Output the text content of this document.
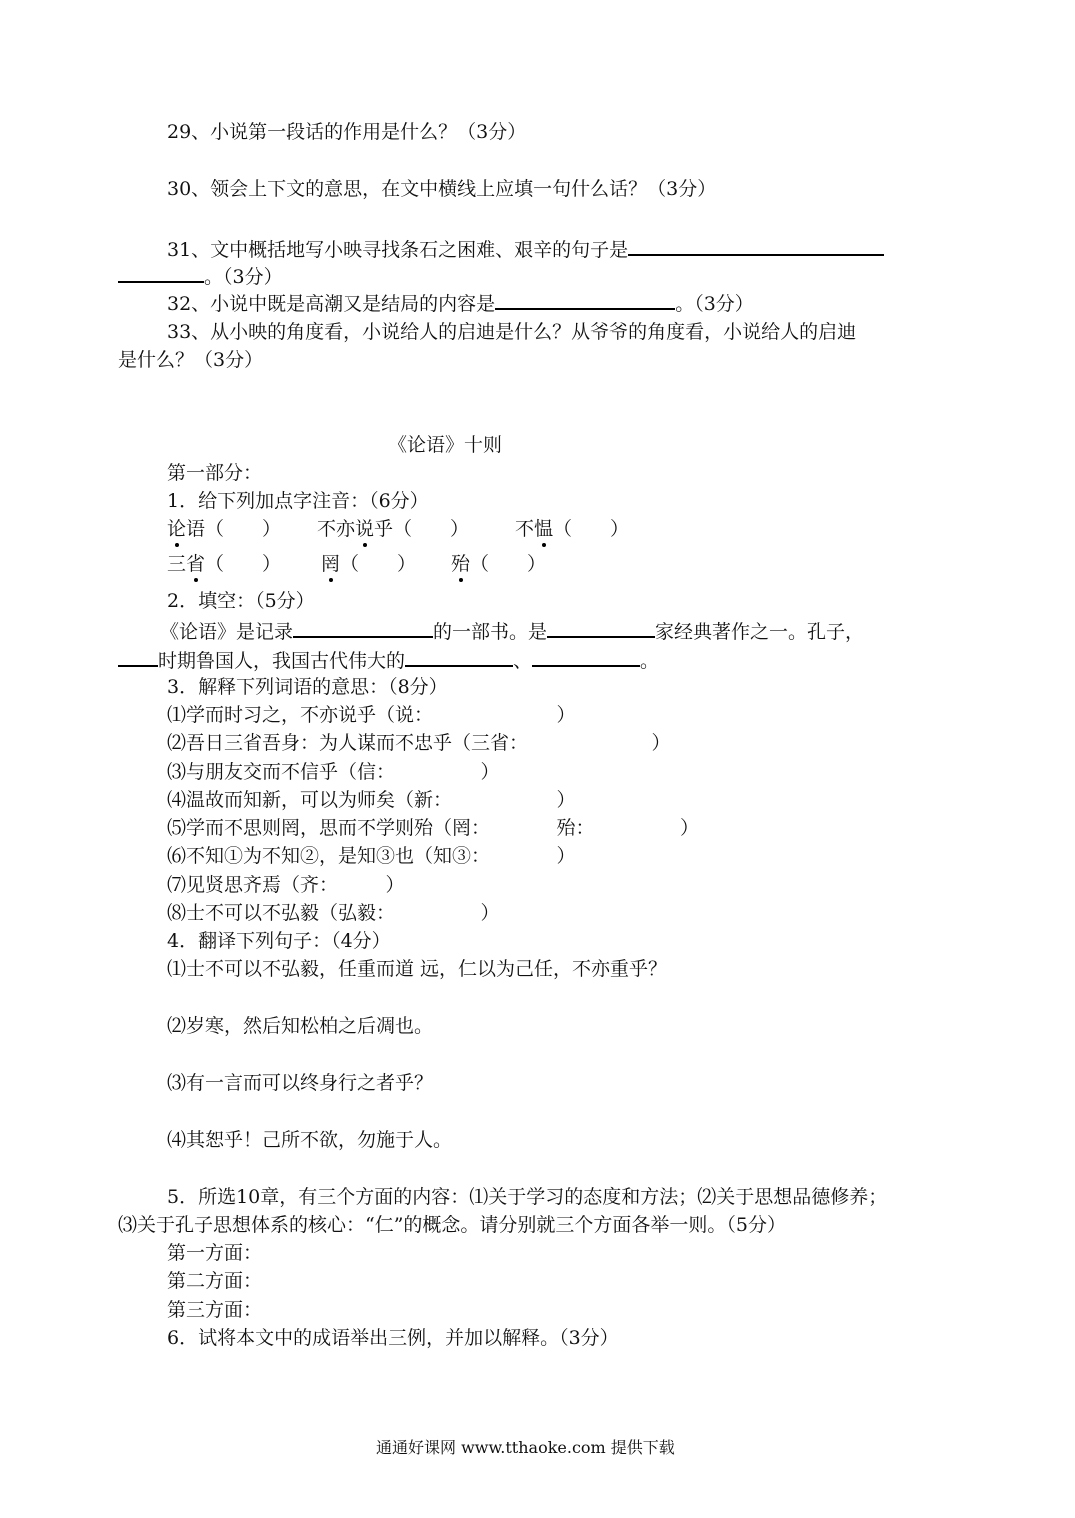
29、小说第一段话的作用是什么？（3分）
30、领会上下文的意思，在文中横线上应填一句什么话？（3分）
31、文中概括地写小映寻找条石之困难、艰辛的句子是
。（3分）
32、小说中既是高潮又是结局的内容是	。（3分）
33、从小映的角度看，小说给人的启迪是什么？从爷爷的角度看，小说给人的启迪
是什么？（3分）
《论语》十则
第一部分：
1．给下列加点字注音：（6分）
论语（　　） 不亦说乎（　　） 不愠（　　）
三省（　　） 罔（　　） 殆（　　）
2．填空：（5分）
《论语》是记录	的一部书。是	家经典著作之一。孔子，
时期鲁国人，我国古代伟大的	、	。
3．解释下列词语的意思：（8分）
⑴学而时习之，不亦说乎（说：　　　　　　　）
⑵吾日三省吾身：为人谋而不忠乎（三省：　　　　　　　）
⑶与朋友交而不信乎（信：　　　　　）
⑷温故而知新，可以为师矣（新：　　　　　　）
⑸学而不思则罔，思而不学则殆（罔：　　　　殆：　　　　　）
⑹不知①为不知②，是知③也（知③：　　　　）
⑺见贤思齐焉（齐：　　　）
⑻士不可以不弘毅（弘毅：　　　　　）
4．翻译下列句子：（4分）
⑴士不可以不弘毅，任重而道 远，仁以为己任，不亦重乎？
⑵岁寒，然后知松柏之后凋也。
⑶有一言而可以终身行之者乎？
⑷其恕乎！己所不欲，勿施于人。
5．所选10章，有三个方面的内容：⑴关于学习的态度和方法；⑵关于思想品德修养；
⑶关于孔子思想体系的核心：“仁”的概念。请分别就三个方面各举一则。（5分）
第一方面：
第二方面：
第三方面：
6．试将本文中的成语举出三例，并加以解释。（3分）
通通好课网 www.tthaoke.com 提供下载
